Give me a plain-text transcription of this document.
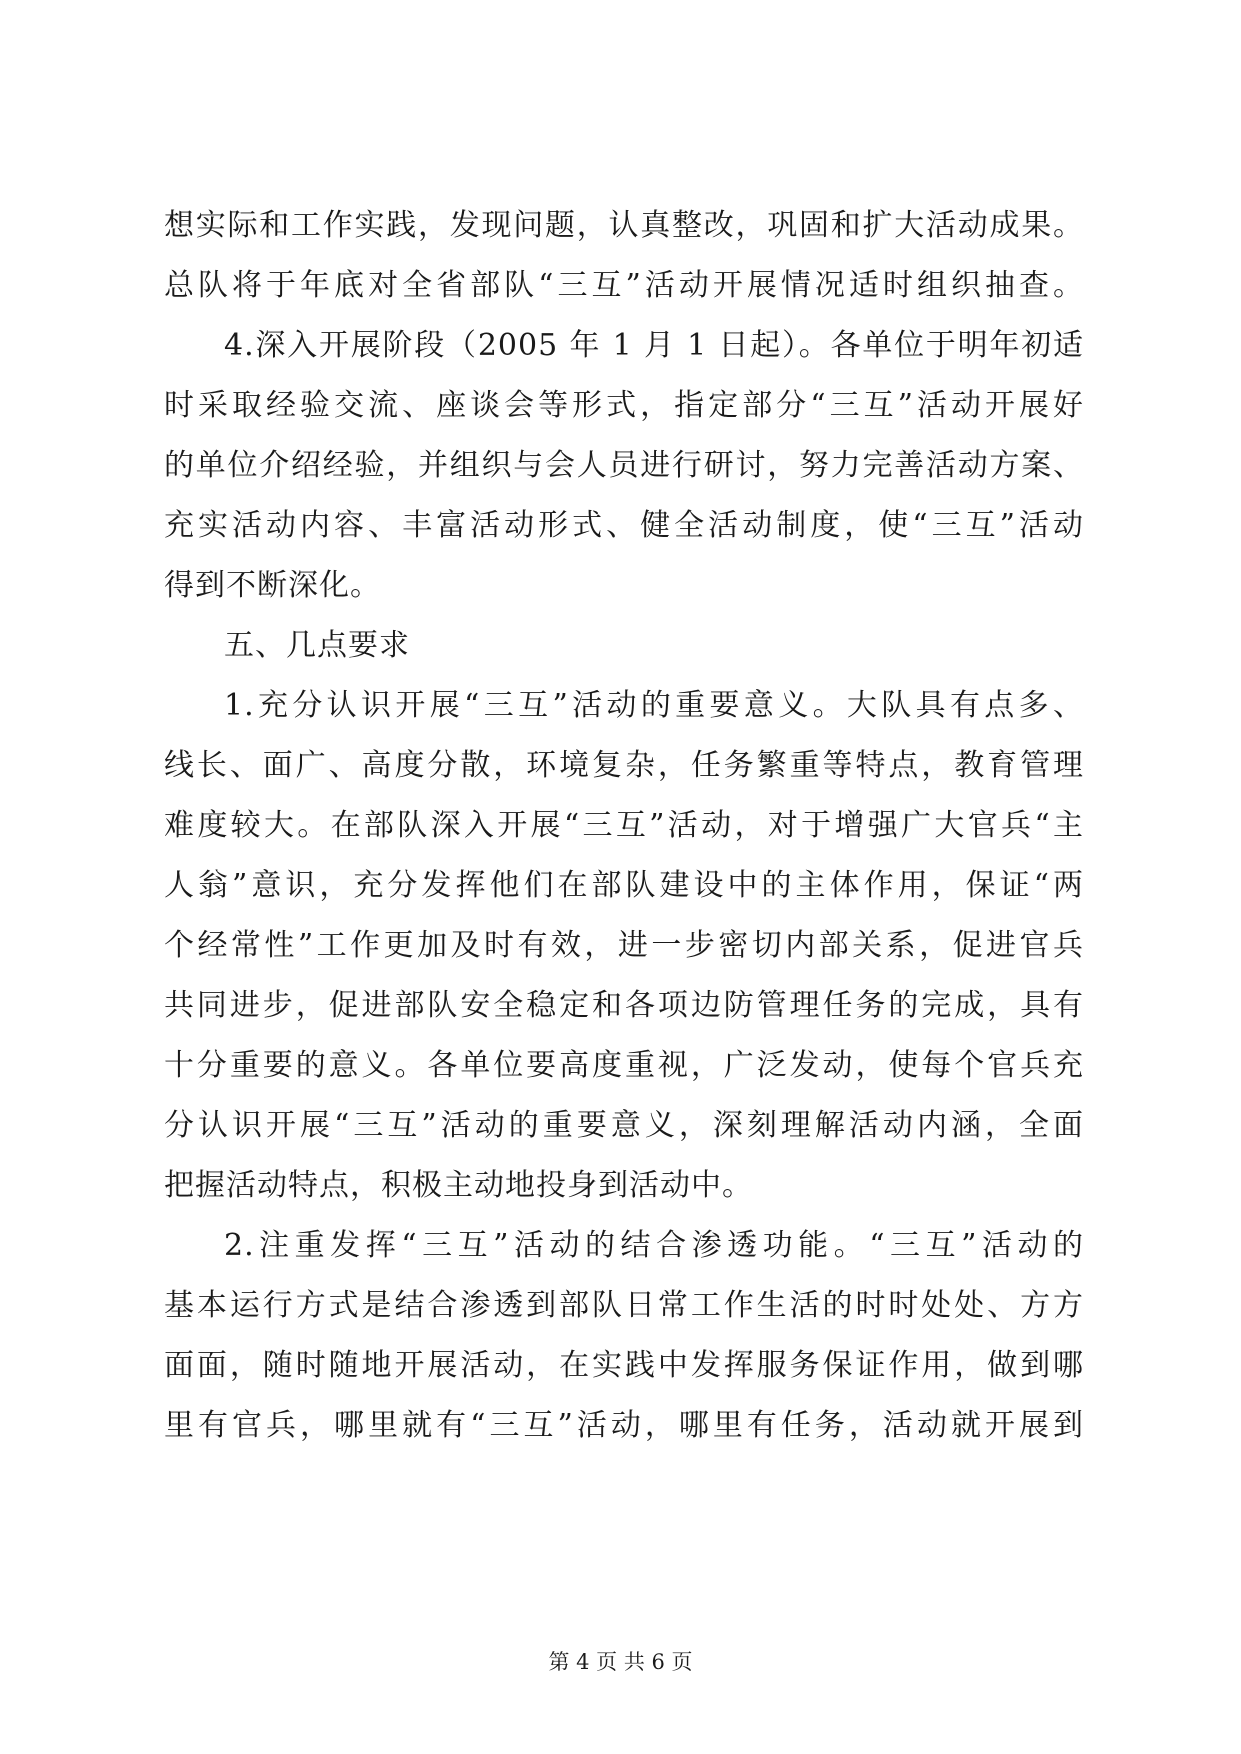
想实际和工作实践，发现问题，认真整改，巩固和扩大活动成果。
总队将于年底对全省部队“三互”活动开展情况适时组织抽查。
4.深入开展阶段（2005 年 1 月 1 日起）。各单位于明年初适
时采取经验交流、座谈会等形式，指定部分“三互”活动开展好
的单位介绍经验，并组织与会人员进行研讨，努力完善活动方案、
充实活动内容、丰富活动形式、健全活动制度，使“三互”活动
得到不断深化。
五、几点要求
1.充分认识开展“三互”活动的重要意义。大队具有点多、
线长、面广、高度分散，环境复杂，任务繁重等特点，教育管理
难度较大。在部队深入开展“三互”活动，对于增强广大官兵“主
人翁”意识，充分发挥他们在部队建设中的主体作用，保证“两
个经常性”工作更加及时有效，进一步密切内部关系，促进官兵
共同进步，促进部队安全稳定和各项边防管理任务的完成，具有
十分重要的意义。各单位要高度重视，广泛发动，使每个官兵充
分认识开展“三互”活动的重要意义，深刻理解活动内涵，全面
把握活动特点，积极主动地投身到活动中。
2.注重发挥“三互”活动的结合渗透功能。“三互”活动的
基本运行方式是结合渗透到部队日常工作生活的时时处处、方方
面面，随时随地开展活动，在实践中发挥服务保证作用，做到哪
里有官兵，哪里就有“三互”活动，哪里有任务，活动就开展到
第 4 页 共 6 页
